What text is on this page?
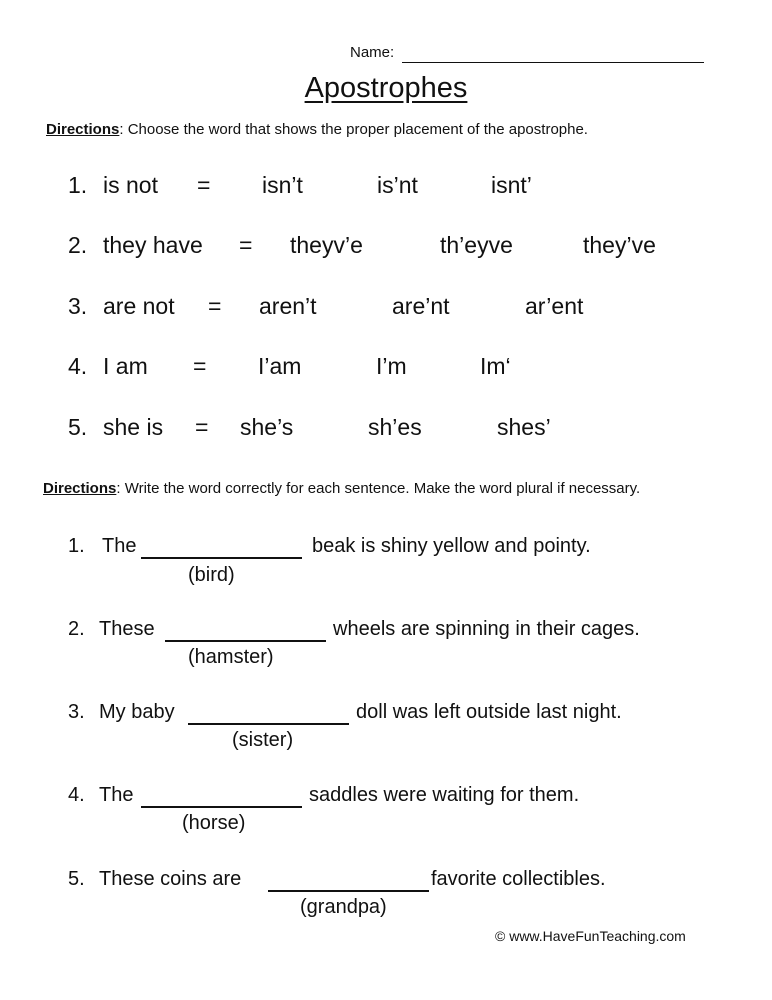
Name:
Apostrophes
Directions: Choose the word that shows the proper placement of the apostrophe.
1. is not = isn’t	is’nt	isnt’
2. they have = theyv’e	th’eyve	they’ve
3. are not = aren’t	are’nt	ar’ent
4. I am = I’am	I’m	Im‘
5. she is = she’s	sh’es	shes’
Directions: Write the word correctly for each sentence. Make the word plural if necessary.
1. The	beak is shiny yellow and pointy.
(bird)
2. These	wheels are spinning in their cages.
(hamster)
3. My baby	doll was left outside last night.
(sister)
4. The	saddles were waiting for them.
(horse)
5. These coins are	favorite collectibles.
(grandpa)
© www.HaveFunTeaching.com
